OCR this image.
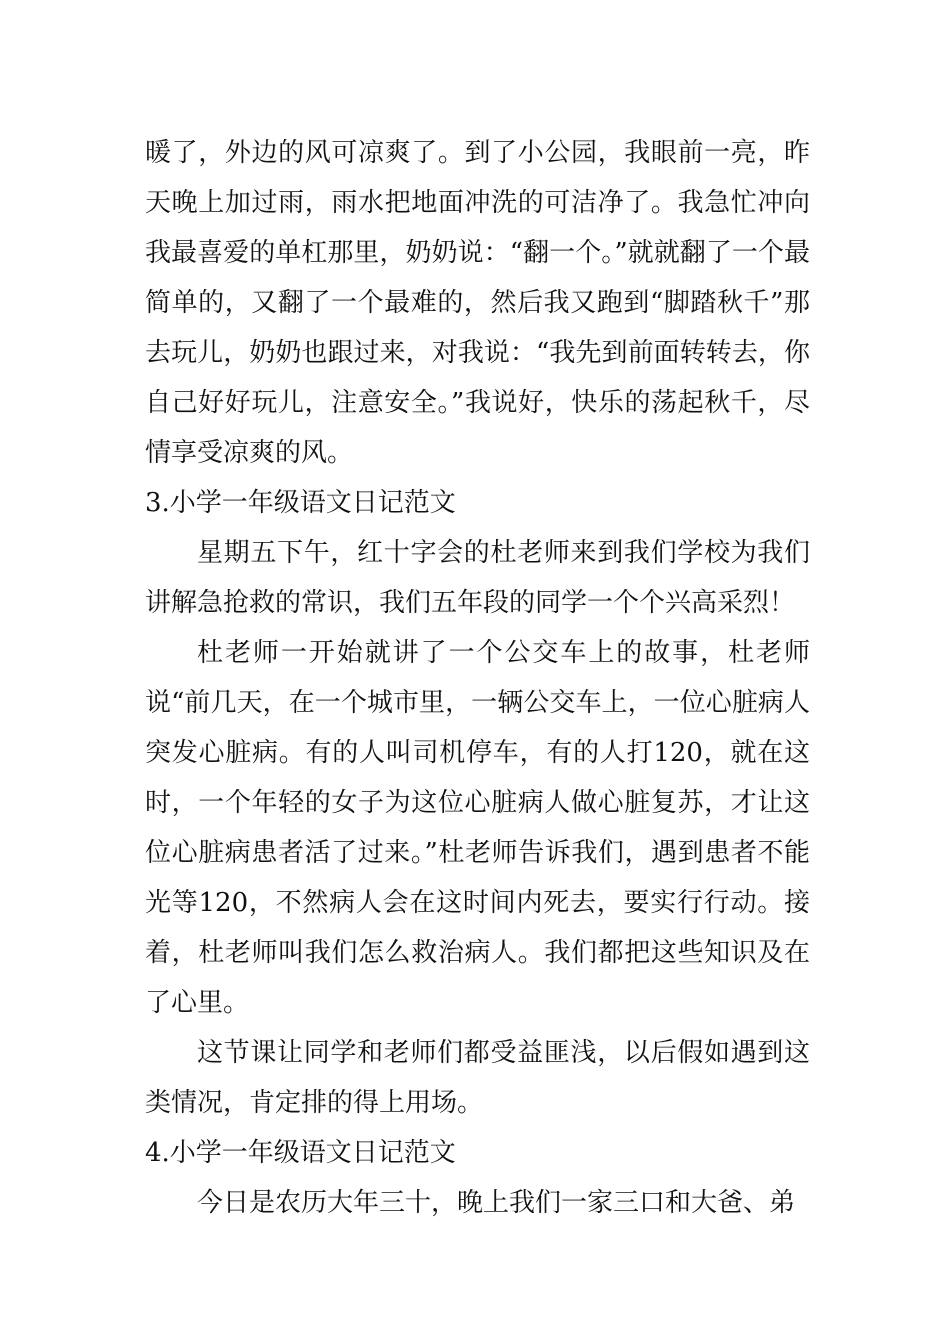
暖了，外边的风可凉爽了。到了小公园，我眼前一亮，昨天晚上加过雨，雨水把地面冲洗的可洁净了。我急忙冲向我最喜爱的单杠那里，奶奶说：“翻一个。”就就翻了一个最简单的，又翻了一个最难的，然后我又跑到“脚踏秋千”那去玩儿，奶奶也跟过来，对我说：“我先到前面转转去，你自己好好玩儿，注意安全。”我说好，快乐的荡起秋千，尽情享受凉爽的风。

3.小学一年级语文日记范文

星期五下午，红十字会的杜老师来到我们学校为我们讲解急抢救的常识，我们五年段的同学一个个兴高采烈！

杜老师一开始就讲了一个公交车上的故事，杜老师说“前几天，在一个城市里，一辆公交车上，一位心脏病人突发心脏病。有的人叫司机停车，有的人打120，就在这时，一个年轻的女子为这位心脏病人做心脏复苏，才让这位心脏病患者活了过来。”杜老师告诉我们，遇到患者不能光等120，不然病人会在这时间内死去，要实行行动。接着，杜老师叫我们怎么救治病人。我们都把这些知识及在了心里。

这节课让同学和老师们都受益匪浅，以后假如遇到这类情况，肯定排的得上用场。

4.小学一年级语文日记范文

今日是农历大年三十，晚上我们一家三口和大爸、弟
